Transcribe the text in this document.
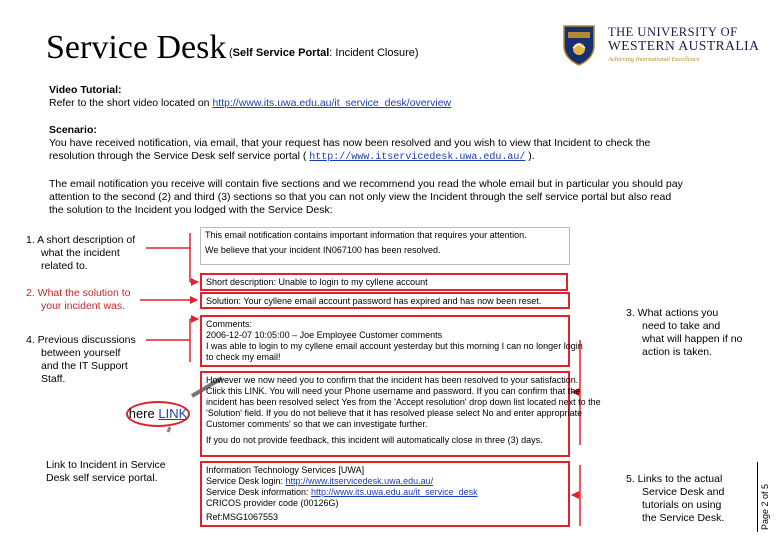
Service Desk (Self Service Portal: Incident Closure)
THE UNIVERSITY OF
WESTERN AUSTRALIA
Achieving International Excellence
Video Tutorial:
Refer to the short video located on http://www.its.uwa.edu.au/it_service_desk/overview
Scenario:
You have received notification, via email, that your request has now been resolved and you wish to view that Incident to check the
resolution through the Service Desk self service portal ( http://www.itservicedesk.uwa.edu.au/ ).
The email notification you receive will contain five sections and we recommend you read the whole email but in particular you should pay
attention to the second (2) and third (3) sections so that you can not only view the Incident through the self service portal but also read
the solution to the Incident you lodged with the Service Desk:
1. A short description of
what the incident
related to.
2. What the solution to
your incident was.
4. Previous discussions
between yourself
and the IT Support
Staff.
here LINK
Link to Incident in Service
Desk self service portal.
3. What actions you
need to take and
what will happen if no
action is taken.
5. Links to the actual
Service Desk and
tutorials on using
the Service Desk.
This email notification contains important information that requires your attention.
We believe that your incident IN067100 has been resolved.
Short description: Unable to login to my cyllene account
Solution: Your cyllene email account password has expired and has now been reset.
Comments:
2006-12-07 10:05:00 – Joe Employee Customer comments
I was able to login to my cyllene email account yesterday but this morning I can no longer login
to check my email!
However we now need you to confirm that the incident has been resolved to your satisfaction.
Click this LINK. You will need your Phone username and password. If you can confirm that the
incident has been resolved select Yes from the 'Accept resolution' drop down list located next to the
'Solution' field. If you do not believe that it has resolved please select No and enter appropriate
Customer comments' so that we can investigate further.
If you do not provide feedback, this incident will automatically close in three (3) days.
Information Technology Services [UWA]
Service Desk login: http://www.itservicedesk.uwa.edu.au/
Service Desk information: http://www.its.uwa.edu.au/it_service_desk
CRICOS provider code (00126G)
Ref:MSG1067553	Page 2 of 5
